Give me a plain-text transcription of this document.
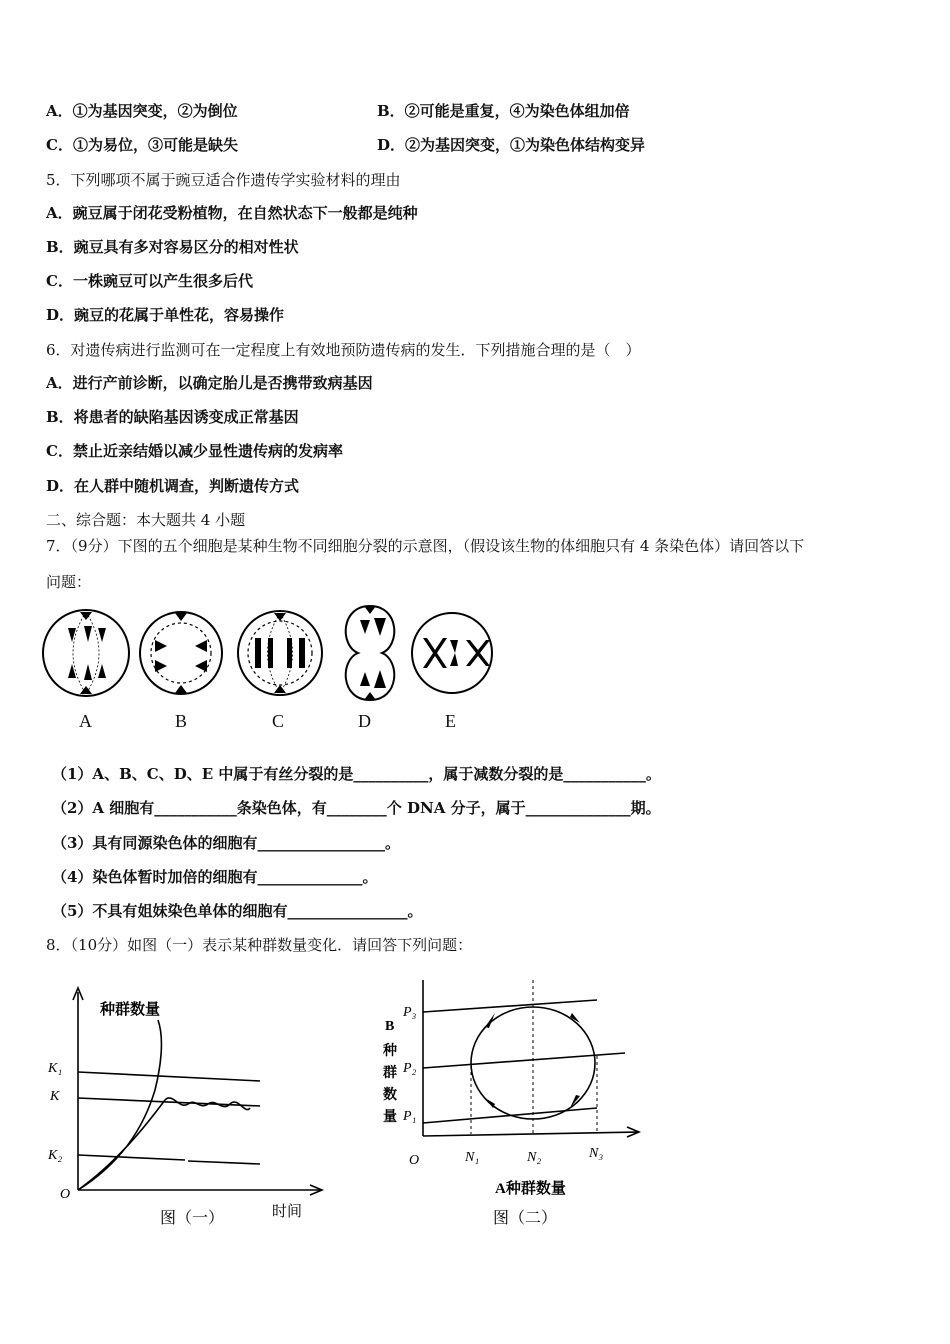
A．①为基因突变，②为倒位	B．②可能是重复，④为染色体组加倍
C．①为易位，③可能是缺失	D．②为基因突变，①为染色体结构变异
5．下列哪项不属于豌豆适合作遗传学实验材料的理由
A．豌豆属于闭花受粉植物，在自然状态下一般都是纯种
B．豌豆具有多对容易区分的相对性状
C．一株豌豆可以产生很多后代
D．豌豆的花属于单性花，容易操作
6．对遗传病进行监测可在一定程度上有效地预防遗传病的发生．下列措施合理的是（　）
A．进行产前诊断，以确定胎儿是否携带致病基因
B．将患者的缺陷基因诱变成正常基因
C．禁止近亲结婚以减少显性遗传病的发病率
D．在人群中随机调查，判断遗传方式
二、综合题：本大题共 4 小题
7．（9分）下图的五个细胞是某种生物不同细胞分裂的示意图，（假设该生物的体细胞只有 4 条染色体）请回答以下
问题：
A	B	C	D	E
（1）A、B、C、D、E 中属于有丝分裂的是__________，属于减数分裂的是___________。
（2）A 细胞有___________条染色体，有________个 DNA 分子，属于______________期。
（3）具有同源染色体的细胞有_________________。
（4）染色体暂时加倍的细胞有______________。
（5）不具有姐妹染色单体的细胞有________________。
8．（10分）如图（一）表示某种群数量变化．请回答下列问题：
种群数量
K₁
K
K₂
O
时间
图（一）
B
种
群
数
量
P₃
P₂
P₁
O	N₁	N₂	N₃
A种群数量
图（二）
